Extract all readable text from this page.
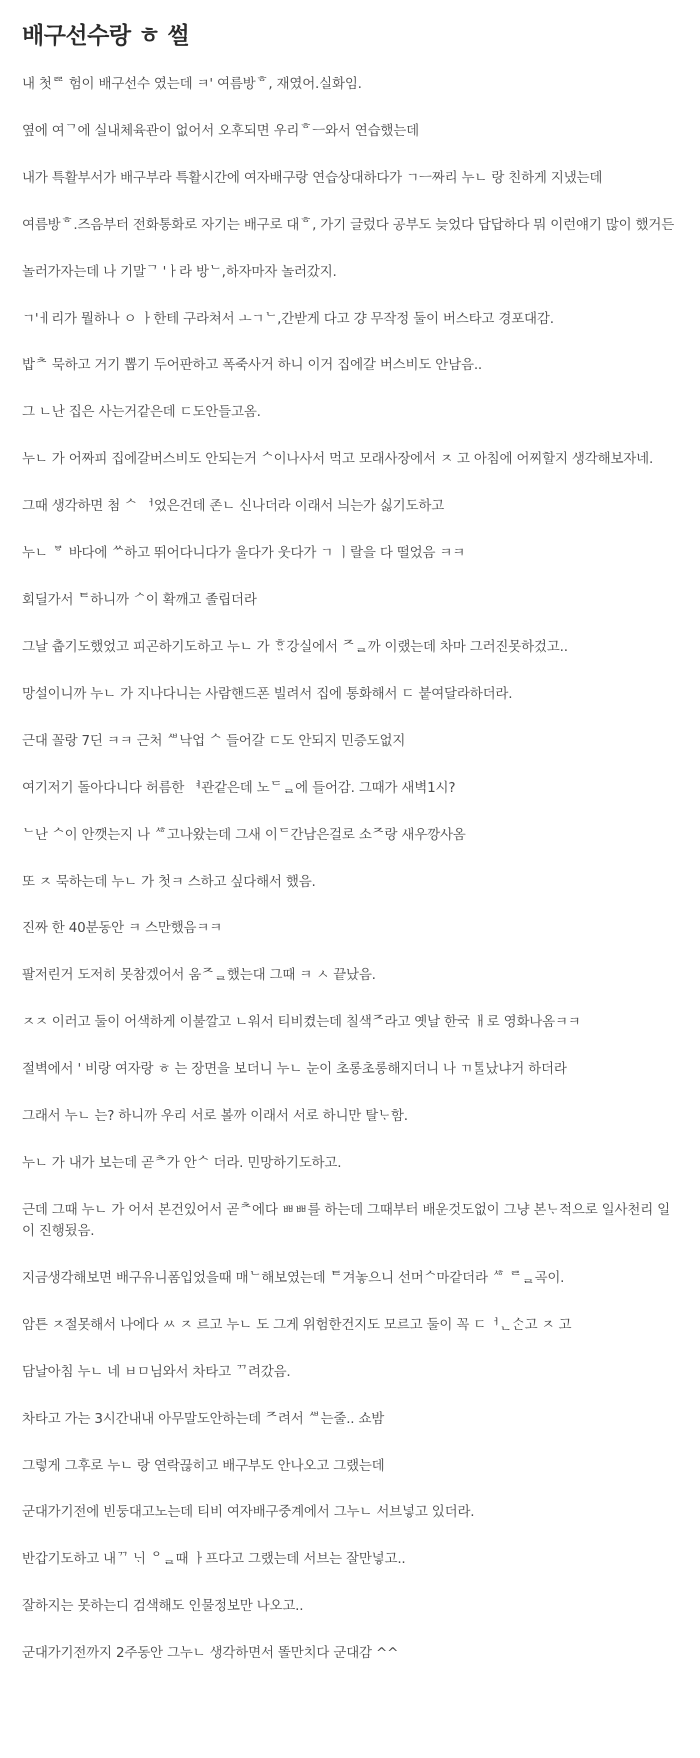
배구선수랑 ㅎ 썰

내 첫ᄙ 험이 배구선수 였는데 ㅋ' 여름방ᄒ, 재였어.실화임.

옆에 여ᄀ에 실내체육관이 없어서 오후되면 우리ᄒㅡ와서 연습했는데

내가 특활부서가 배구부라 특활시간에 여자배구랑 연습상대하다가 ㄱㅡ짜리 누ㄴ 랑 친하게 지냈는데

여름방ᄒ.즈음부터 전화통화로 자기는 배구로 대ᄒ, 가기 글렀다 공부도 늦었다 답답하다 뭐 이런얘기 많이 했거든

놀러가자는데 나 기말ᄀ 'ㅏ라 방ᄂ,하자마자 놀러갔지.

ㄱ'ㅔ리가 뭘하나 ㅇ ㅏ한테 구라쳐서 ㅗㄱᄂ,간받게 다고 걍 무작정 둘이 버스타고 경포대감.

밥ᄎ 묵하고 거기 뽑기 두어판하고 폭죽사거 하니 이거 집에갈 버스비도 안남음..

그 ㄴ난 집은 사는거같은데 ㄷ도안들고옴.

누ㄴ 가 어짜피 집에갈버스비도 안되는거 ᄉ이나사서 먹고 모래사장에서 ㅈ 고 아침에 어찌할지 생각해보자네.

그때 생각하면 첨 ᄉ ᅥ었은건데 존ㄴ 신나더라 이래서 늬는가 싫기도하고

누ㄴ ᄫ 바다에 ᄊ하고 뛰어다니다가 울다가 웃다가 ㄱ ㅣ랄을 다 떨었음 ㅋㅋ

회딜가서 ᄐ하니까 ᄼ이 확깨고 졸립더라

그날 춥기도했었고 피곤하기도하고 누ㄴ 가 ᄒᆢ강실에서 ᄌᆯ까 이랬는데 차마 그러진못하겄고..

망설이니까 누ㄴ 가 지나다니는 사람핸드폰 빌려서 집에 통화해서 ㄷ 붙여달라하더라.

근대 꼴랑 7딘 ㅋㅋ 근처 ᄲ낙업 ᄉ 들어갈 ㄷ도 안되지 민증도없지

여기저기 돌아다니다 허름한 ᅧ관같은데 노ᄃᆯ에 들어감. 그때가 새벽1시?

ᄂ난 ᄉ이 안깻는지 나 ᄻ고나왔는데 그새 이ᄃ간남은걸로 소ᄌ랑 새우깡사옴

또 ㅈ 묵하는데 누ㄴ 가 첫ㅋ 스하고 싶다해서 했음.

진짜 한 40분동안 ㅋ 스만했음ㅋㅋ

팔저린거 도저히 못참겠어서 움ᄌᆯ했는대 그때 ㅋ ㅅ 끝났음.

ㅈㅈ 이러고 둘이 어색하게 이불깔고 ㄴ워서 티비켰는데 칠색ᄌ라고 옛날 한국 ㅐ로 영화나옴ㅋㅋ

절벽에서 ' 비랑 여자랑 ㅎ 는 장면을 보더니 누ㄴ 눈이 초롱초롱해지더니 나 ㄲᄐᆞᆯ났냐거 하더라

그래서 누ㄴ 는? 하니까 우리 서로 볼까 이래서 서로 하니만 탈ᄂᆞ함.

누ㄴ 가 내가 보는데 곧ᄎ가 안ᄉ 더라. 민망하기도하고.

근데 그때 누ㄴ 가 어서 본건있어서 곧ᄎ에다 ㅃㅃ를 하는데 그때부터 배운것도없이 그냥 본ᄂᆞ적으로 일사천리 일이 진행됬음.

지금생각해보면 배구유니폼입었을때 매ᄂ해보였는데 ᄐ겨놓으니 선머ᄉ마같더라 ᄻ ᄅᆯ곡이.

암튼 ㅈ절못해서 나에다 ㅆ ㅈ 르고 누ㄴ 도 그게 위험한건지도 모르고 둘이 꼭 ㄷᅥᆫᄉᆞᆫ고 ㅈ 고

담날아침 누ㄴ 네 ㅂㅁ님와서 차타고 ᄁ려갔음.

차타고 가는 3시간내내 아무말도안하는데 ᄌ려서 ᄲ는줄.. 쇼밤

그렇게 그후로 누ㄴ 랑 연락끊히고 배구부도 안나오고 그랬는데

군대가기전에 빈둥대고노는데 티비 여자배구중계에서 그누ㄴ 서브넣고 있더라.

반갑기도하고 내ᄁ ᄂᆡ ᄋᆯ때 ㅏ프다고 그랬는데 서브는 잘만넣고..

잘하지는 못하는디 검색해도 인물정보만 나오고..

군대가기전까지 2주동안 그누ㄴ 생각하면서 똘만치다 군대감 ^^
